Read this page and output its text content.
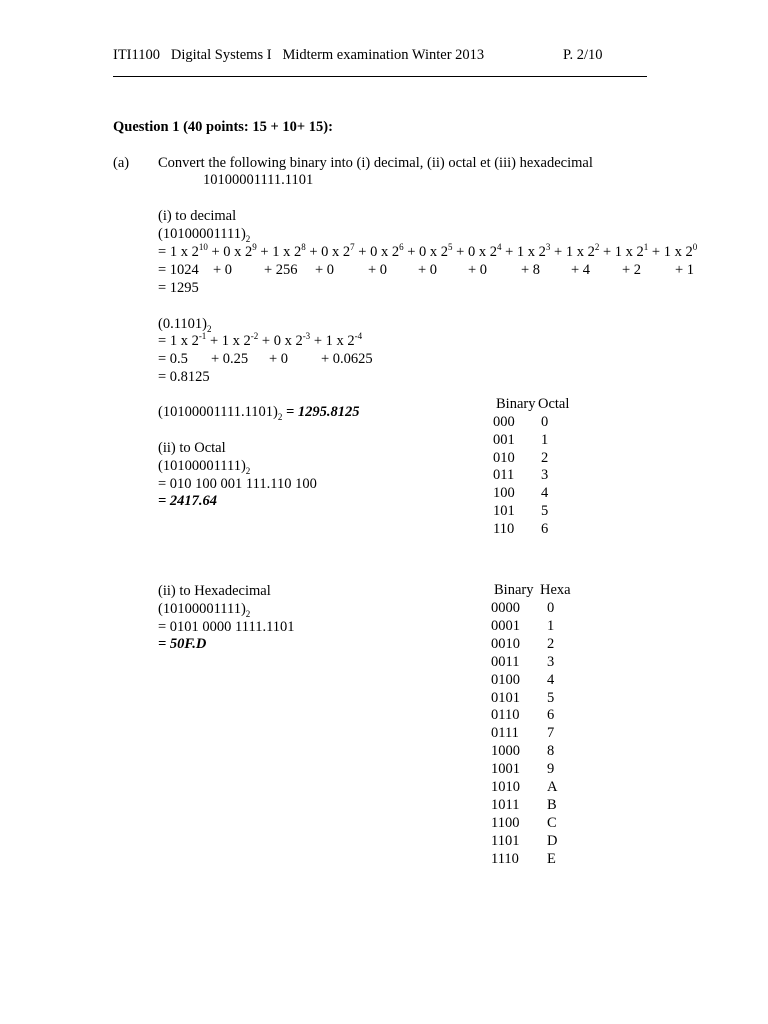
ITI1100 Digital Systems I Midterm examination Winter 2013	P. 2/10
Question 1 (40 points: 15 + 10+ 15):
(a) Convert the following binary into (i) decimal, (ii) octal et (iii) hexadecimal
10100001111.1101
(i) to decimal
$(10100001111)_2$
= 1 x $2^{10} + 0$ x $2^9 + 1$ x $2^8 + 0$ x $2^7 + 0$ x $2^6 + 0$ x $2^5 + 0$ x $2^4 + 1$ x $2^3 + 1$ x $2^2 + 1$ x $2^1 + 1$ x $2^0$
= 1024 + 0 + 256 + 0 + 0 + 0 + 0 + 8 + 4 + 2 + 1
= 1295
$(0.1101)_2$
= 1 x $2^{-1} + 1$ x $2^{-2} + 0$ x $2^{-3} + 1$ x $2^{-4}$
= 0.5 + 0.25 + 0 + 0.0625
= 0.8125
$(10100001111.1101)_2 = 1295.8125$
(ii) to Octal
$(10100001111)_2$
= 010 100 001 111.110 100
= 2417.64
(ii) to Hexadecimal
$(10100001111)_2$
= 0101 0000 1111.1101
= 50F.D
Binary Octal
000 0
001 1
010 2
011 3
100 4
101 5
110 6
Binary Hexa
0000 0
0001 1
0010 2
0011 3
0100 4
0101 5
0110 6
0111 7
1000 8
1001 9
1010 A
1011 B
1100 C
1101 D
1110 E
